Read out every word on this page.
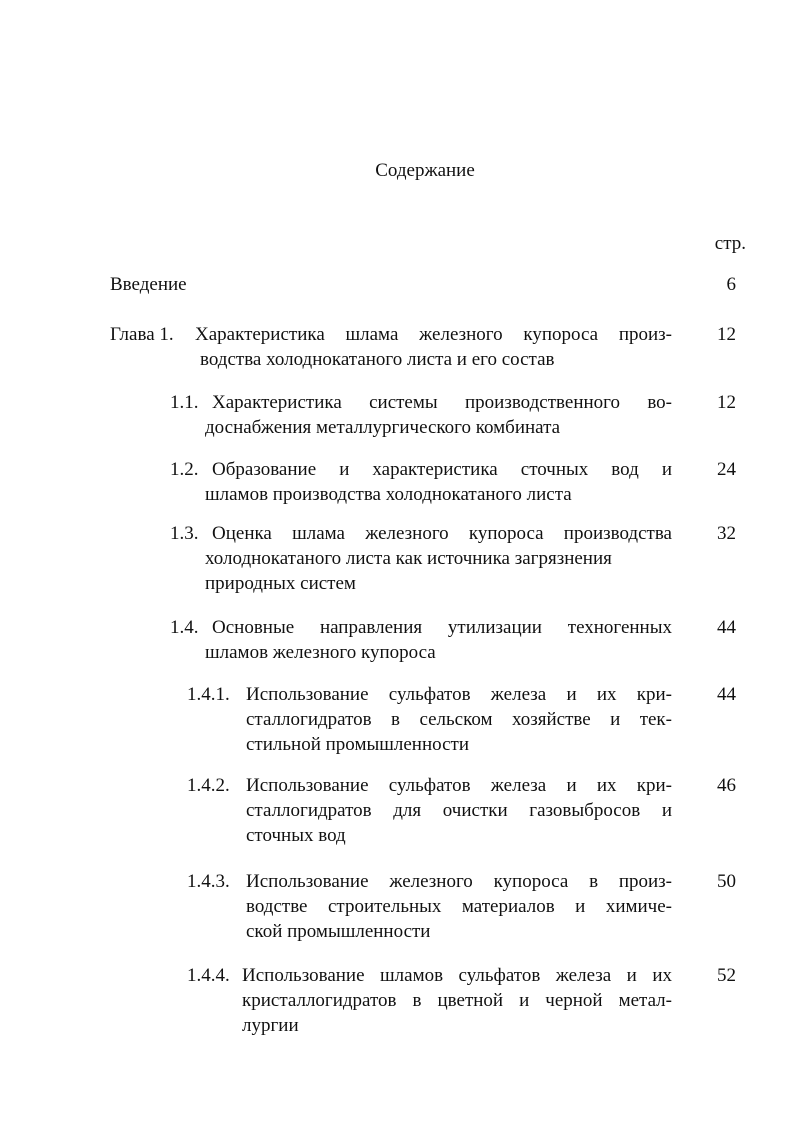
Содержание
стр.
Введение	6
Глава 1. Характеристика шлама железного купороса произ-
водства холоднокатаного листа и его состав
12
1.1. Характеристика системы производственного во-
доснабжения металлургического комбината
12
1.2. Образование и характеристика сточных вод и
шламов производства холоднокатаного листа
24
1.3. Оценка шлама железного купороса производства
холоднокатаного листа как источника загрязнения
природных систем
32
1.4. Основные направления утилизации техногенных
шламов железного купороса
44
1.4.1. Использование сульфатов железа и их кри-
сталлогидратов в сельском хозяйстве и тек-
стильной промышленности
44
1.4.2. Использование сульфатов железа и их кри-
сталлогидратов для очистки газовыбросов и
сточных вод
46
1.4.3. Использование железного купороса в произ-
водстве строительных материалов и химиче-
ской промышленности
50
1.4.4. Использование шламов сульфатов железа и их
кристаллогидратов в цветной и черной метал-
лургии
52
